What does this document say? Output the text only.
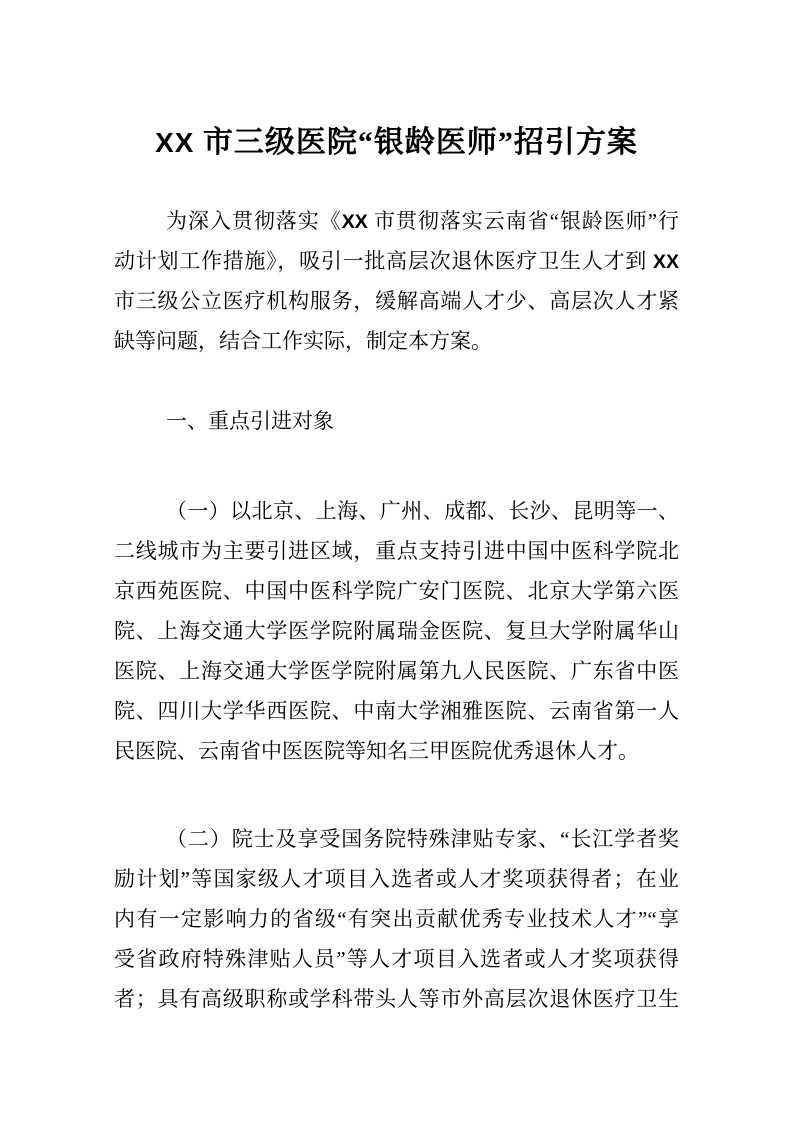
XX 市三级医院“银龄医师”招引方案
为深入贯彻落实《XX 市贯彻落实云南省“银龄医师”行
动计划工作措施》，吸引一批高层次退休医疗卫生人才到 XX
市三级公立医疗机构服务，缓解高端人才少、高层次人才紧
缺等问题，结合工作实际，制定本方案。
一、重点引进对象
（一）以北京、上海、广州、成都、长沙、昆明等一、
二线城市为主要引进区域，重点支持引进中国中医科学院北
京西苑医院、中国中医科学院广安门医院、北京大学第六医
院、上海交通大学医学院附属瑞金医院、复旦大学附属华山
医院、上海交通大学医学院附属第九人民医院、广东省中医
院、四川大学华西医院、中南大学湘雅医院、云南省第一人
民医院、云南省中医医院等知名三甲医院优秀退休人才。
（二）院士及享受国务院特殊津贴专家、“长江学者奖
励计划”等国家级人才项目入选者或人才奖项获得者；在业
内有一定影响力的省级“有突出贡献优秀专业技术人才”“享
受省政府特殊津贴人员”等人才项目入选者或人才奖项获得
者；具有高级职称或学科带头人等市外高层次退休医疗卫生
